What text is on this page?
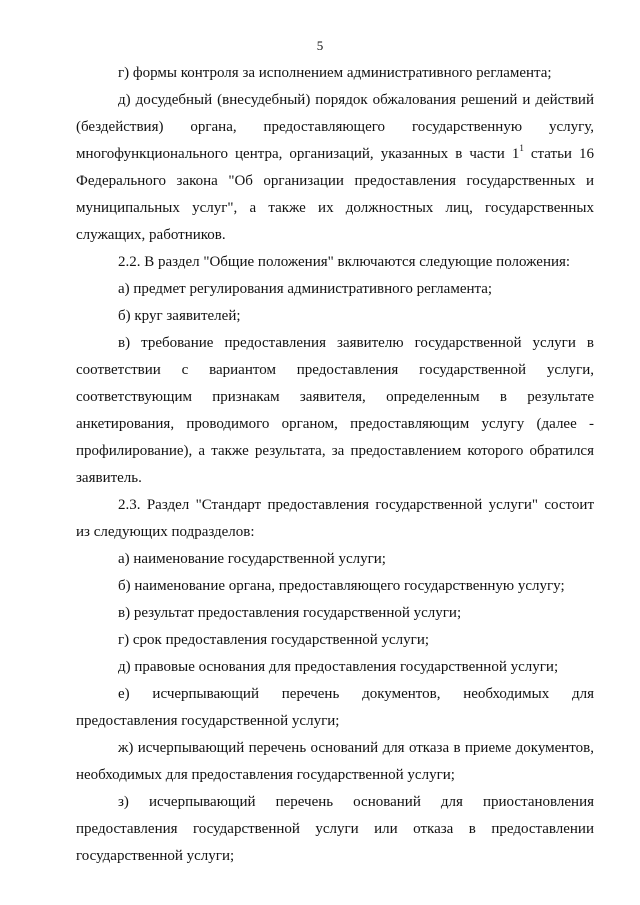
5

г) формы контроля за исполнением административного регламента;

д) досудебный (внесудебный) порядок обжалования решений и действий (бездействия) органа, предоставляющего государственную услугу, многофункционального центра, организаций, указанных в части $1^1$ статьи 16 Федерального закона "Об организации предоставления государственных и муниципальных услуг", а также их должностных лиц, государственных служащих, работников.

2.2. В раздел "Общие положения" включаются следующие положения:

а) предмет регулирования административного регламента;

б) круг заявителей;

в) требование предоставления заявителю государственной услуги в соответствии с вариантом предоставления государственной услуги, соответствующим признакам заявителя, определенным в результате анкетирования, проводимого органом, предоставляющим услугу (далее - профилирование), а также результата, за предоставлением которого обратился заявитель.

2.3. Раздел "Стандарт предоставления государственной услуги" состоит из следующих подразделов:

а) наименование государственной услуги;

б) наименование органа, предоставляющего государственную услугу;

в) результат предоставления государственной услуги;

г) срок предоставления государственной услуги;

д) правовые основания для предоставления государственной услуги;

е) исчерпывающий перечень документов, необходимых для предоставления государственной услуги;

ж) исчерпывающий перечень оснований для отказа в приеме документов, необходимых для предоставления государственной услуги;

з) исчерпывающий перечень оснований для приостановления предоставления государственной услуги или отказа в предоставлении государственной услуги;
